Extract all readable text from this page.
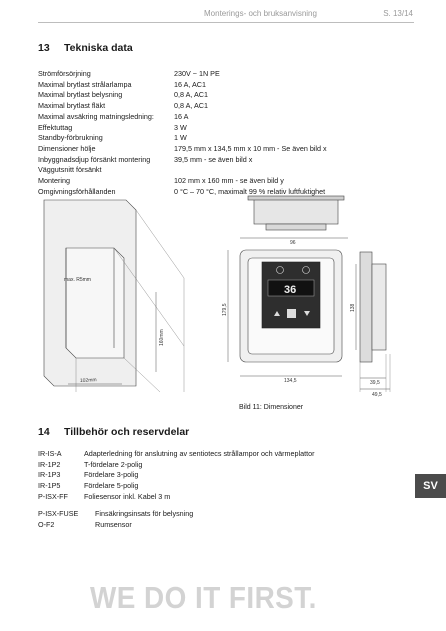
Monterings- och bruksanvisning	S. 13/14
13 Tekniska data
Strömförsörjning	230V ~ 1N PE
Maximal brytlast strålarlampa	16 A, AC1
Maximal brytlast belysning	0,8 A, AC1
Maximal brytlast fläkt	0,8 A, AC1
Maximal avsäkring matningsledning:	16 A
Effektuttag	3 W
Standby-förbrukning	1 W
Dimensioner hölje	179,5 mm x 134,5 mm x 10 mm - Se även bild x
Inbyggnadsdjup försänkt montering	39,5 mm - se även bild x
Väggutsnitt försänkt
Montering	102 mm x 160 mm - se även bild y
Omgivningsförhållanden	0 °C – 70 °C, maximalt 99 % relativ luftfuktighet
max. R5mm
160mm
102mm
36
96
179,5	138
134,5	39,5
49,5
Bild 11: Dimensioner
14 Tillbehör och reservdelar
IR-IS-A	Adapterledning för anslutning av sentiotecs strållampor och värmeplattor
IR-1P2	T-fördelare 2-polig
IR-1P3	Fördelare 3-polig
IR-1P5	Fördelare 5-polig
P-ISX-FF	Foliesensor inkl. Kabel 3 m
P-ISX-FUSE	Finsäkringsinsats för belysning
O-F2	Rumsensor
SV
WE DO IT FIRST.
